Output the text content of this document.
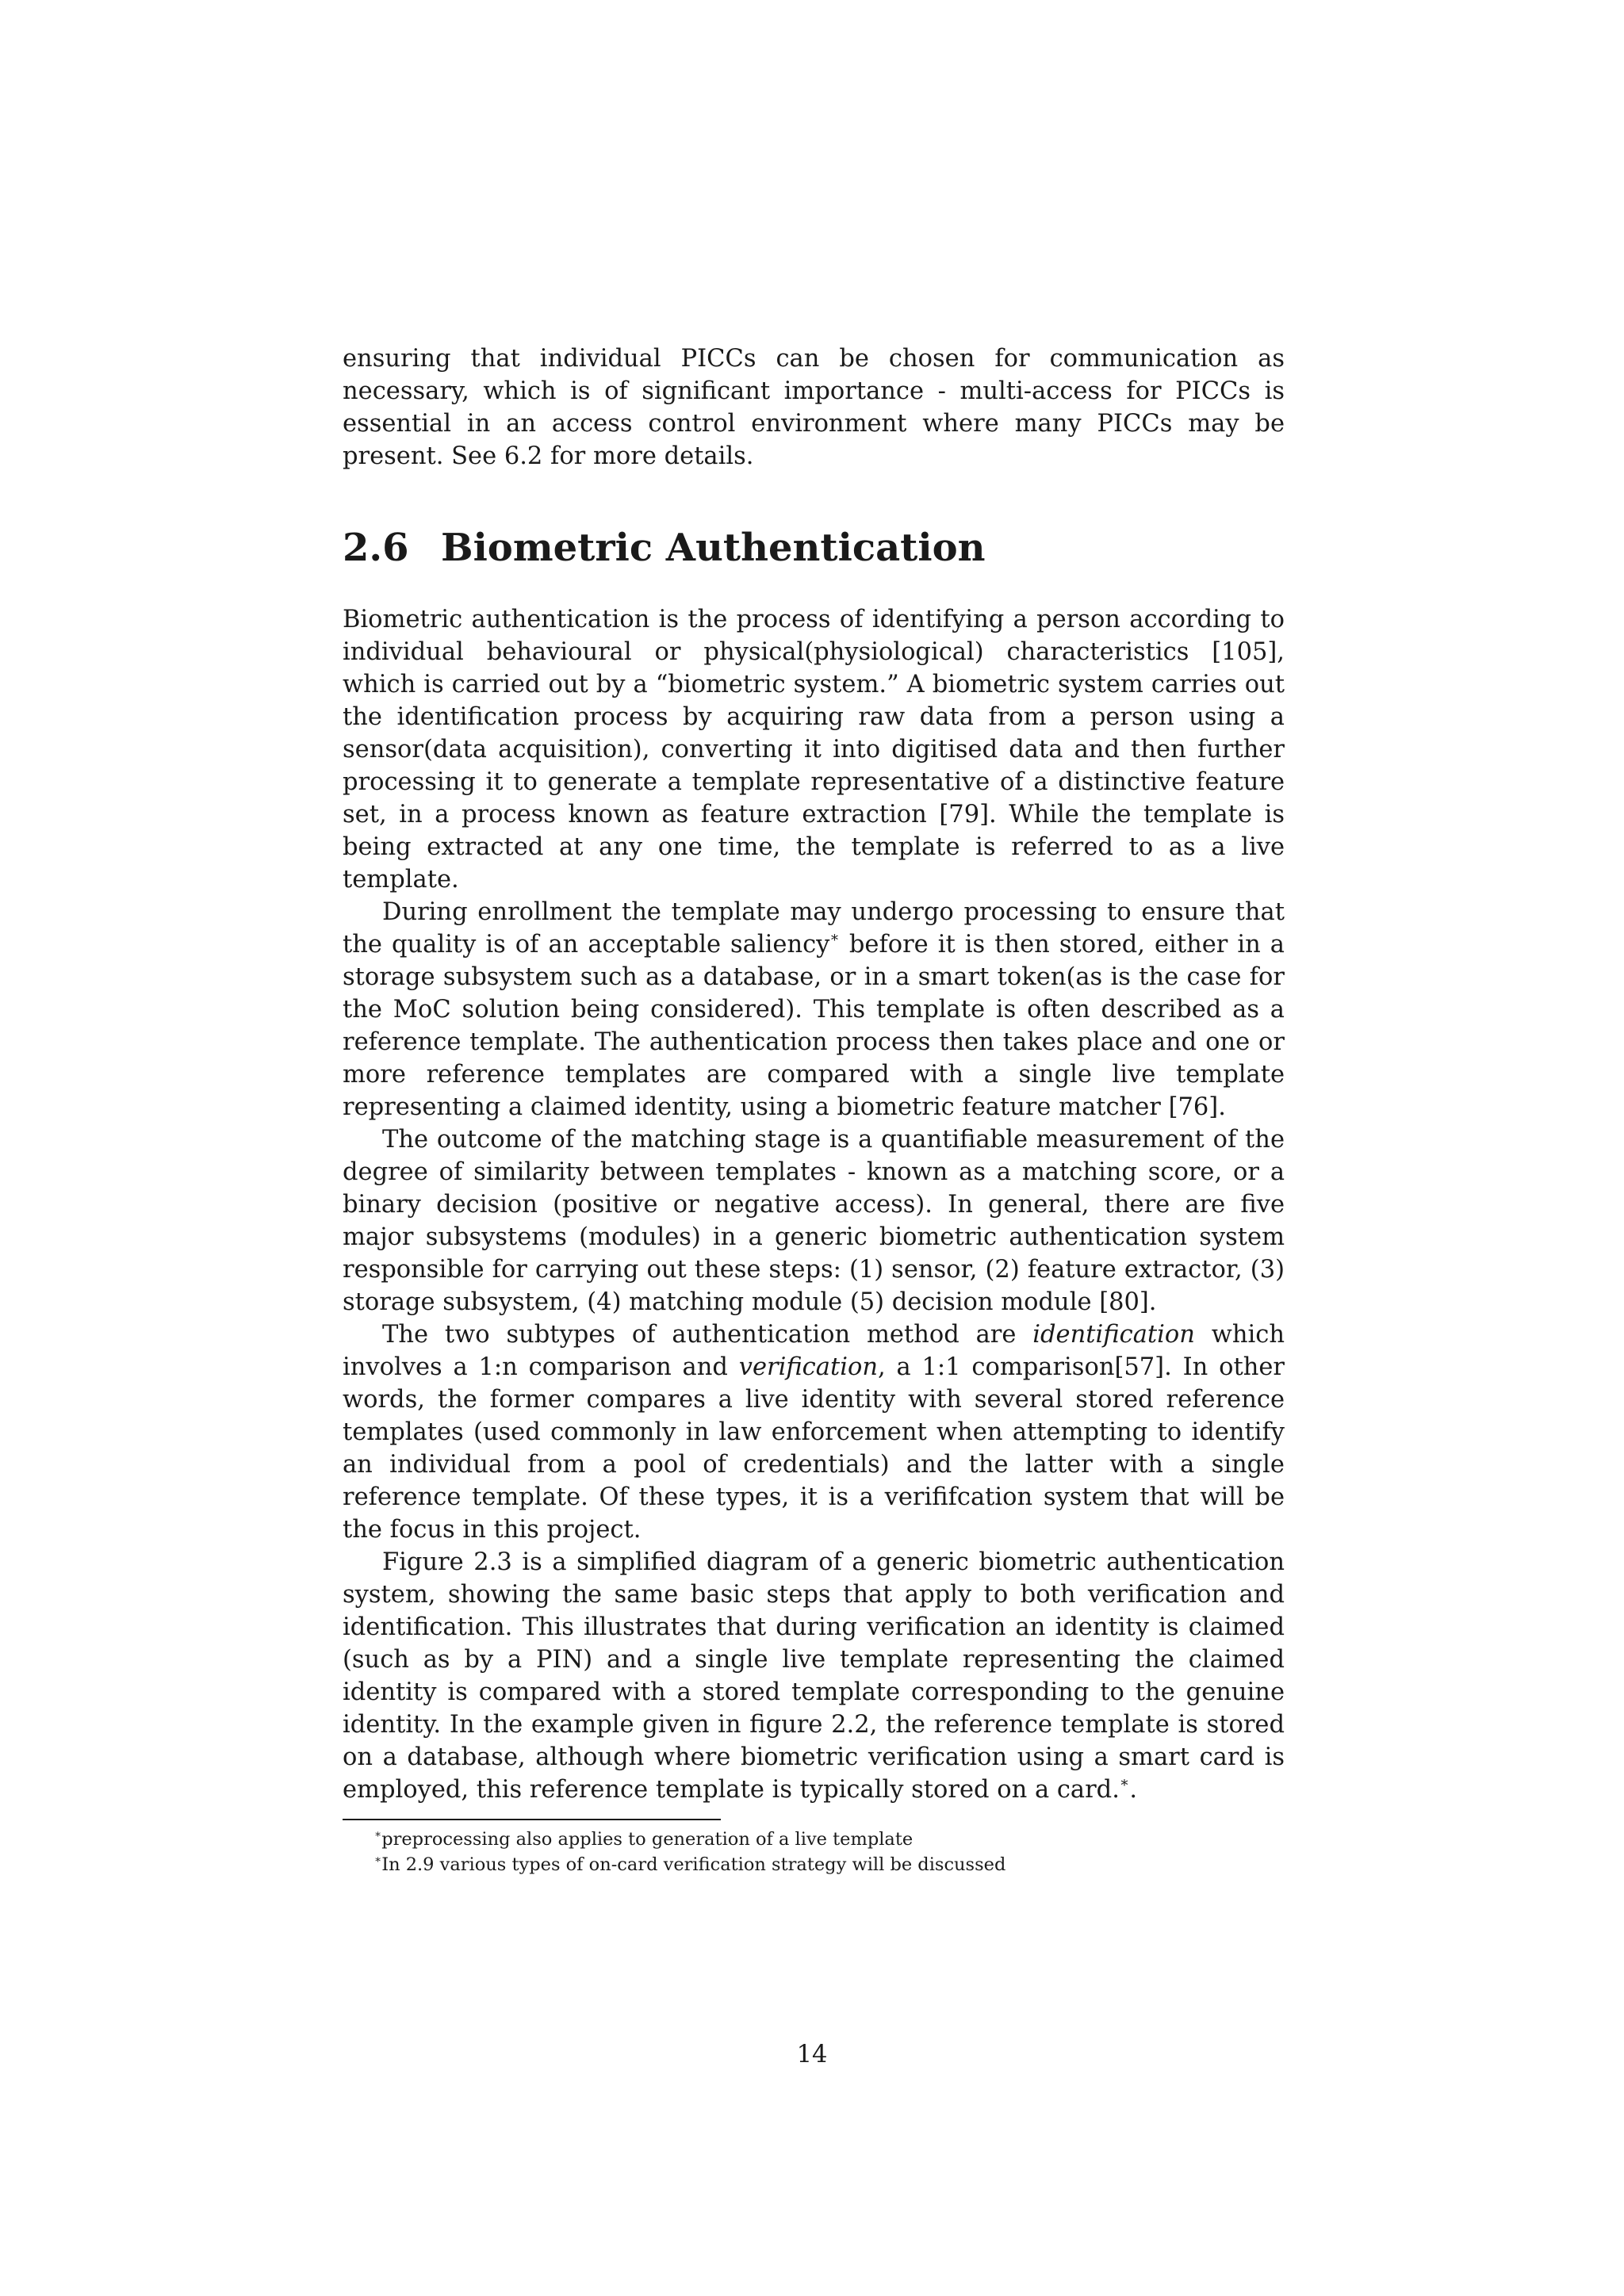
ensuring that individual PICCs can be chosen for communication as necessary, which is of significant importance - multi-access for PICCs is essential in an access control environment where many PICCs may be present. See 6.2 for more details.

2.6 Biometric Authentication

Biometric authentication is the process of identifying a person according to individual behavioural or physical(physiological) characteristics [105], which is carried out by a “biometric system.” A biometric system carries out the identification process by acquiring raw data from a person using a sensor(data acquisition), converting it into digitised data and then further processing it to generate a template representative of a distinctive feature set, in a process known as feature extraction [79]. While the template is being extracted at any one time, the template is referred to as a live template.

During enrollment the template may undergo processing to ensure that the quality is of an acceptable saliency∗ before it is then stored, either in a storage subsystem such as a database, or in a smart token(as is the case for the MoC solution being considered). This template is often described as a reference template. The authentication process then takes place and one or more reference templates are compared with a single live template representing a claimed identity, using a biometric feature matcher [76].

The outcome of the matching stage is a quantifiable measurement of the degree of similarity between templates - known as a matching score, or a binary decision (positive or negative access). In general, there are five major subsystems (modules) in a generic biometric authentication system responsible for carrying out these steps: (1) sensor, (2) feature extractor, (3) storage subsystem, (4) matching module (5) decision module [80].

The two subtypes of authentication method are identification which involves a 1:n comparison and verification, a 1:1 comparison[57]. In other words, the former compares a live identity with several stored reference templates (used commonly in law enforcement when attempting to identify an individual from a pool of credentials) and the latter with a single reference template. Of these types, it is a verififcation system that will be the focus in this project.

Figure 2.3 is a simplified diagram of a generic biometric authentication system, showing the same basic steps that apply to both verification and identification. This illustrates that during verification an identity is claimed (such as by a PIN) and a single live template representing the claimed identity is compared with a stored template corresponding to the genuine identity. In the example given in figure 2.2, the reference template is stored on a database, although where biometric verification using a smart card is employed, this reference template is typically stored on a card.∗.

∗preprocessing also applies to generation of a live template

∗In 2.9 various types of on-card verification strategy will be discussed

14
